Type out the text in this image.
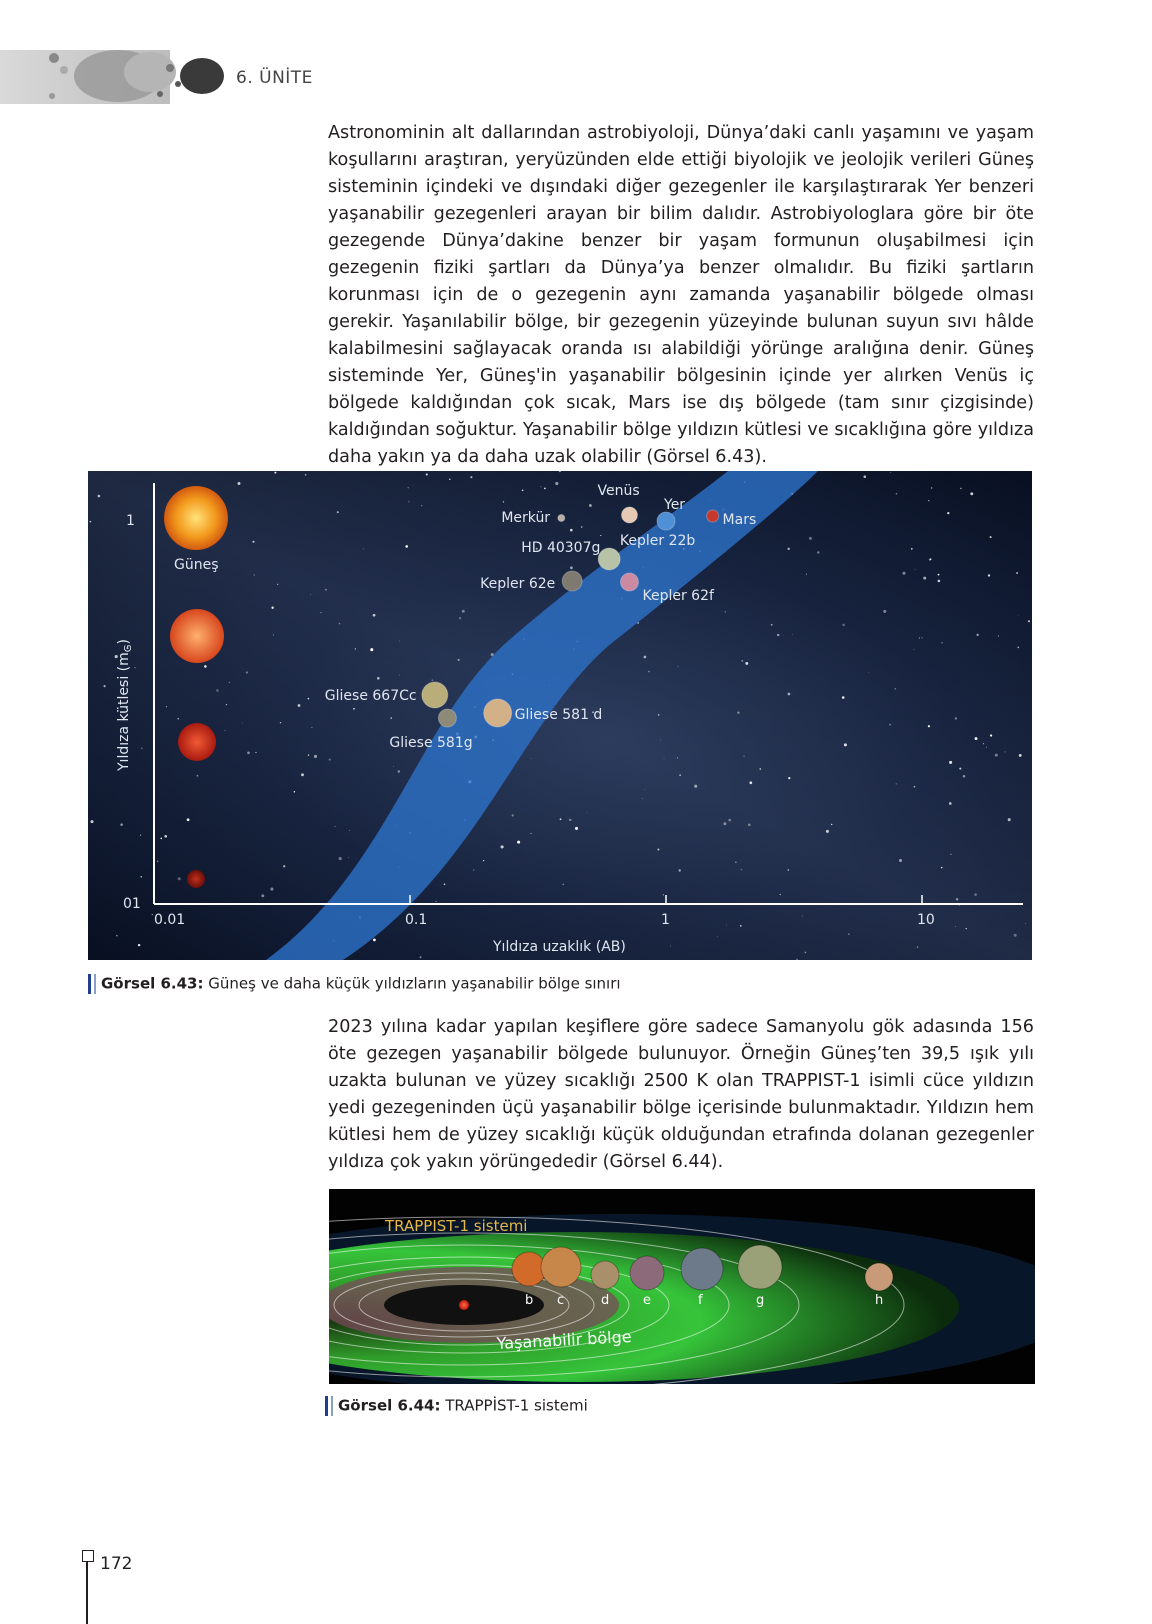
6. ÜNİTE
Astronominin alt dallarından astrobiyoloji, Dünya’daki canlı yaşamını ve yaşam koşullarını araştıran, yeryüzünden elde ettiği biyolojik ve jeolojik verileri Güneş sisteminin içindeki ve dışındaki diğer gezegenler ile karşılaştırarak Yer benzeri yaşanabilir gezegenleri arayan bir bilim dalıdır. Astrobiyologlara göre bir öte gezegende Dünya’dakine benzer bir yaşam formunun oluşabilmesi için gezegenin fiziki şartları da Dünya’ya benzer olmalıdır. Bu fiziki şartların korunması için de o gezegenin aynı zamanda yaşanabilir bölgede olması gerekir. Yaşanılabilir bölge, bir gezegenin yüzeyinde bulunan suyun sıvı hâlde kalabilmesini sağlayacak oranda ısı alabildiği yörünge aralığına denir. Güneş sisteminde Yer, Güneş'in yaşanabilir bölgesinin içinde yer alırken Venüs iç bölgede kaldığından çok sıcak, Mars ise dış bölgede (tam sınır çizgisinde) kaldığından soğuktur. Yaşanabilir bölge yıldızın kütlesi ve sıcaklığına göre yıldıza daha yakın ya da daha uzak olabilir (Görsel 6.43).
Güneş
0.01	0.1	1	10
1
01
Yıldıza uzaklık (AB)
Yıldıza kütlesi $(m_G)$
Merkür
Venüs
Yer
Mars
Kepler 22b
HD 40307g
Kepler 62e
Kepler 62f
Gliese 667Cc
Gliese 581g
Gliese 581 d
Görsel 6.43: Güneş ve daha küçük yıldızların yaşanabilir bölge sınırı
2023 yılına kadar yapılan keşiflere göre sadece Samanyolu gök adasında 156 öte gezegen yaşanabilir bölgede bulunuyor. Örneğin Güneş’ten 39,5 ışık yılı uzakta bulunan ve yüzey sıcaklığı 2500 K olan TRAPPIST-1 isimli cüce yıldızın yedi gezegeninden üçü yaşanabilir bölge içerisinde bulunmaktadır. Yıldızın hem kütlesi hem de yüzey sıcaklığı küçük olduğundan etrafında dolanan gezegenler yıldıza çok yakın yörüngededir (Görsel 6.44).
TRAPPIST-1 sistemi
Yaşanabilir bölge
b c	d	e	f	g	h
Görsel 6.44: TRAPPİST-1 sistemi
172
